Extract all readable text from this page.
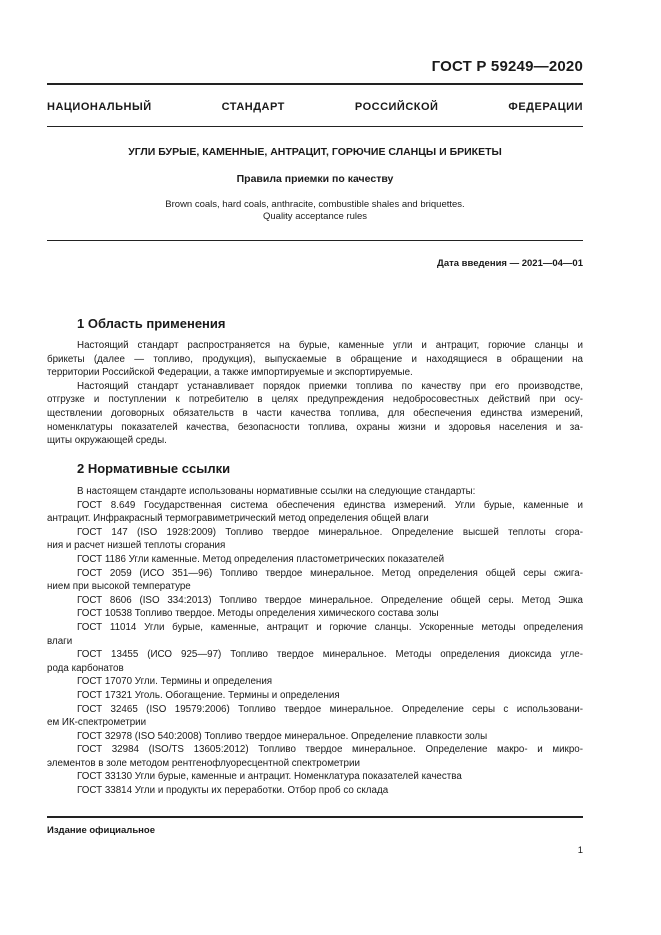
ГОСТ Р 59249—2020
НАЦИОНАЛЬНЫЙ СТАНДАРТ РОССИЙСКОЙ ФЕДЕРАЦИИ
УГЛИ БУРЫЕ, КАМЕННЫЕ, АНТРАЦИТ, ГОРЮЧИЕ СЛАНЦЫ И БРИКЕТЫ
Правила приемки по качеству
Brown coals, hard coals, anthracite, combustible shales and briquettes.
Quality acceptance rules
Дата введения — 2021—04—01
1 Область применения
Настоящий стандарт распространяется на бурые, каменные угли и антрацит, горючие сланцы и
брикеты (далее — топливо, продукция), выпускаемые в обращение и находящиеся в обращении на
территории Российской Федерации, а также импортируемые и экспортируемые.
Настоящий стандарт устанавливает порядок приемки топлива по качеству при его производстве,
отгрузке и поступлении к потребителю в целях предупреждения недобросовестных действий при осу-
ществлении договорных обязательств в части качества топлива, для обеспечения единства измерений,
номенклатуры показателей качества, безопасности топлива, охраны жизни и здоровья населения и за-
щиты окружающей среды.
2 Нормативные ссылки
В настоящем стандарте использованы нормативные ссылки на следующие стандарты:
ГОСТ 8.649 Государственная система обеспечения единства измерений. Угли бурые, каменные и
антрацит. Инфракрасный термогравиметрический метод определения общей влаги
ГОСТ 147 (ISO 1928:2009) Топливо твердое минеральное. Определение высшей теплоты сгора-
ния и расчет низшей теплоты сгорания
ГОСТ 1186 Угли каменные. Метод определения пластометрических показателей
ГОСТ 2059 (ИСО 351—96) Топливо твердое минеральное. Метод определения общей серы сжига-
нием при высокой температуре
ГОСТ 8606 (ISO 334:2013) Топливо твердое минеральное. Определение общей серы. Метод Эшка
ГОСТ 10538 Топливо твердое. Методы определения химического состава золы
ГОСТ 11014 Угли бурые, каменные, антрацит и горючие сланцы. Ускоренные методы определения
влаги
ГОСТ 13455 (ИСО 925—97) Топливо твердое минеральное. Методы определения диоксида угле-
рода карбонатов
ГОСТ 17070 Угли. Термины и определения
ГОСТ 17321 Уголь. Обогащение. Термины и определения
ГОСТ 32465 (ISO 19579:2006) Топливо твердое минеральное. Определение серы с использовани-
ем ИК-спектрометрии
ГОСТ 32978 (ISO 540:2008) Топливо твердое минеральное. Определение плавкости золы
ГОСТ 32984 (ISO/TS 13605:2012) Топливо твердое минеральное. Определение макро- и микро-
элементов в золе методом рентгенофлуоресцентной спектрометрии
ГОСТ 33130 Угли бурые, каменные и антрацит. Номенклатура показателей качества
ГОСТ 33814 Угли и продукты их переработки. Отбор проб со склада
Издание официальное
1
